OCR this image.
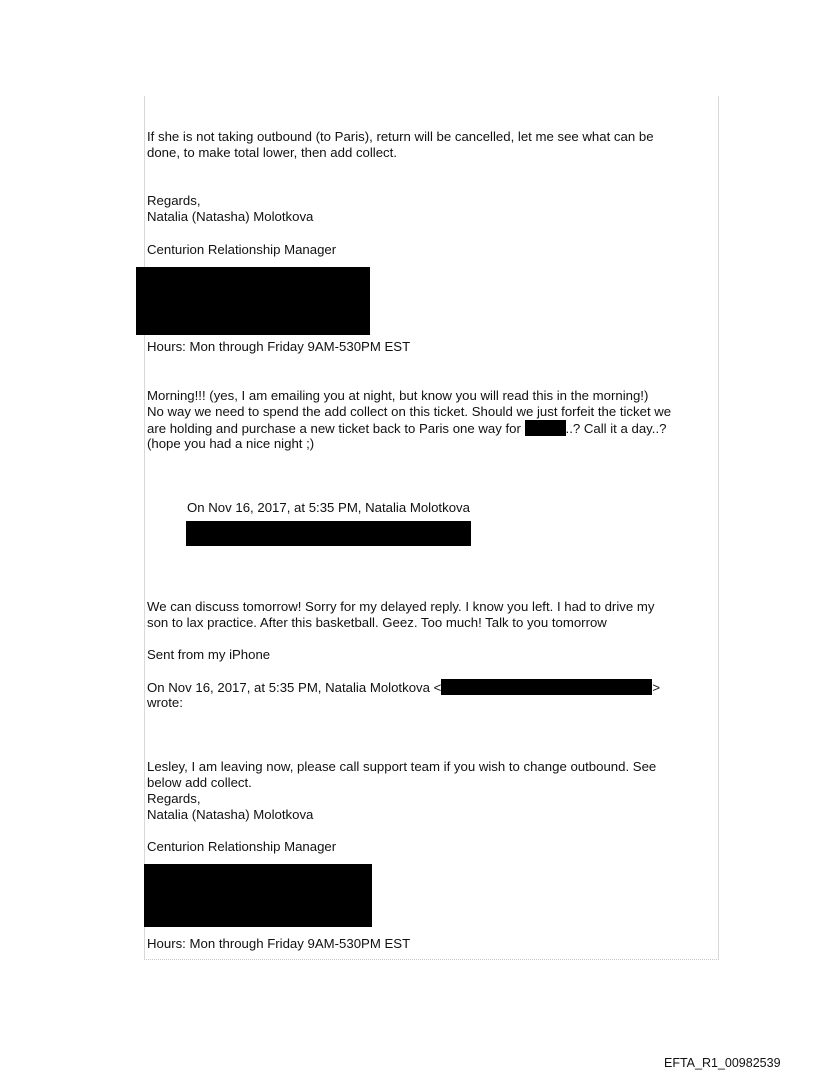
If she is not taking outbound (to Paris), return will be cancelled, let me see what can be

done, to make total lower, then add collect.

Regards,

Natalia (Natasha) Molotkova

Centurion Relationship Manager

Hours: Mon through Friday 9AM-530PM EST

Morning!!! (yes, I am emailing you at night, but know you will read this in the morning!)

No way we need to spend the add collect on this ticket. Should we just forfeit the ticket we

are holding and purchase a new ticket back to Paris one way for	..? Call it a day..?

(hope you had a nice night ;)

On Nov 16, 2017, at 5:35 PM, Natalia Molotkova

We can discuss tomorrow! Sorry for my delayed reply. I know you left. I had to drive my

son to lax practice. After this basketball. Geez. Too much! Talk to you tomorrow

Sent from my iPhone

On Nov 16, 2017, at 5:35 PM, Natalia Molotkova <	>

wrote:

Lesley, I am leaving now, please call support team if you wish to change outbound. See

below add collect.

Regards,

Natalia (Natasha) Molotkova

Centurion Relationship Manager

Hours: Mon through Friday 9AM-530PM EST

EFTA_R1_00982539
